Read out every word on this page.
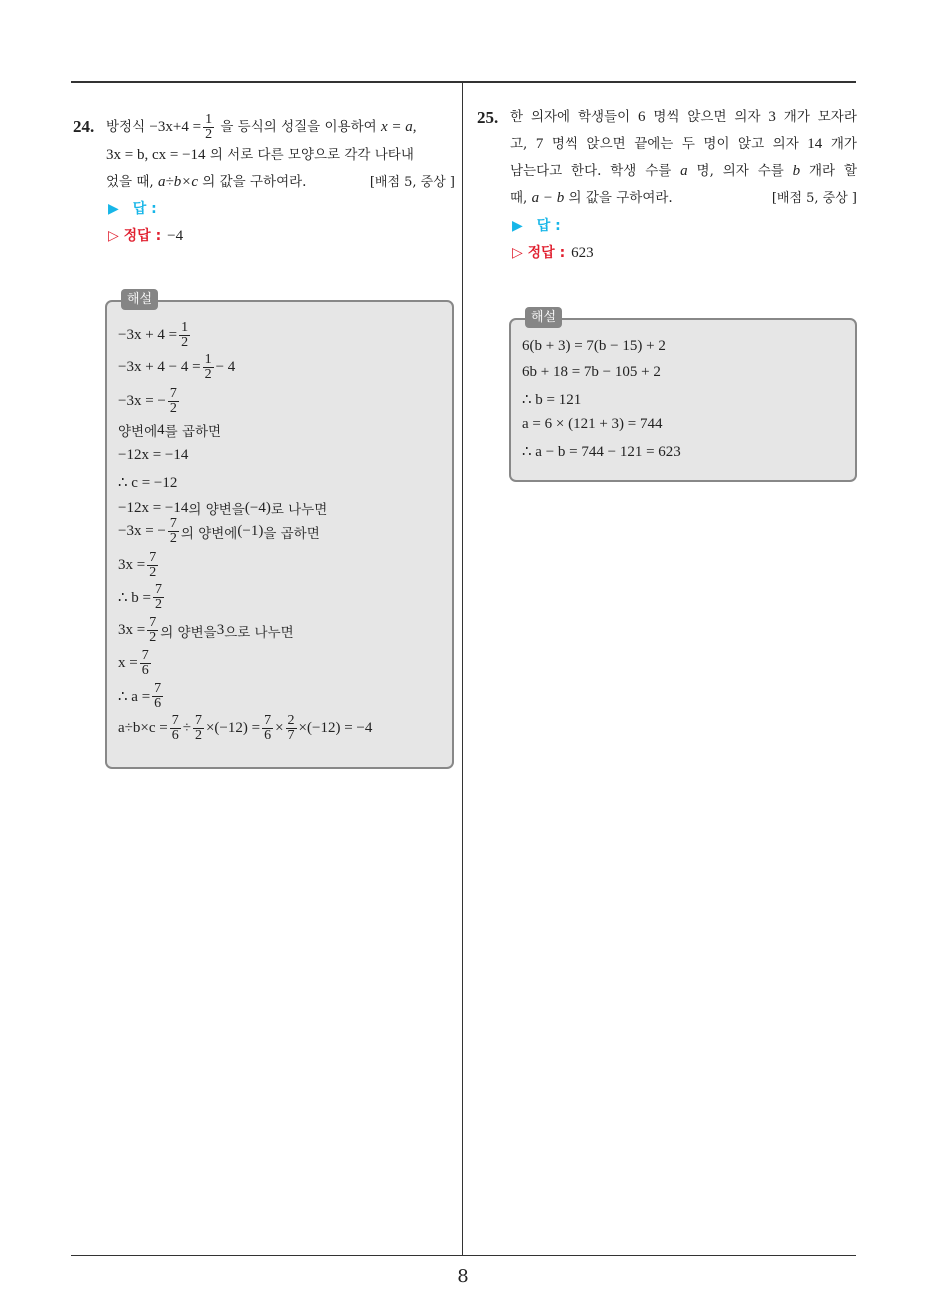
8
24. 방정식 $-3x+4 = \frac{1}{2}$ 을 등식의 성질을 이용하여 x = a,
3x = b, cx = −14 의 서로 다른 모양으로 각각 나타내
었을 때, a÷b×c 의 값을 구하여라.	[배점 5, 중상 ]
▶ 답 :
▷ 정답 : −4
해설
$-3x + 4 = \frac{1}{2}$
$-3x + 4 - 4 = \frac{1}{2} - 4$
−3x = − $\frac{7}{2}$
양변에 4 를 곱하면
−12x = −14
∴ c = −12
−12x = −14 의 양변을 (−4) 로 나누면
−3x = − $\frac{7}{2}$ 의 양변에 (−1) 을 곱하면
$3x = \frac{7}{2}$
∴ $b = \frac{7}{2}$
$3x = \frac{7}{2}$ 의 양변을 3 으로 나누면
$x = \frac{7}{6}$
∴ $a = \frac{7}{6}$
$a\div b\times c = \frac{7}{6} \div \frac{7}{2} \times(-12) = \frac{7}{6} \times \frac{2}{7} \times(-12) = -4$
25. 한 의자에 학생들이 6 명씩 앉으면 의자 3 개가 모자라
고, 7 명씩 앉으면 끝에는 두 명이 앉고 의자 14 개가
남는다고 한다. 학생 수를 a 명, 의자 수를 b 개라 할
때, a − b 의 값을 구하여라.	[배점 5, 중상 ]
▶ 답 :
▷ 정답 : 623
해설
6(b + 3) = 7(b − 15) + 2
6b + 18 = 7b − 105 + 2
∴ b = 121
a = 6 × (121 + 3) = 744
∴ a − b = 744 − 121 = 623
